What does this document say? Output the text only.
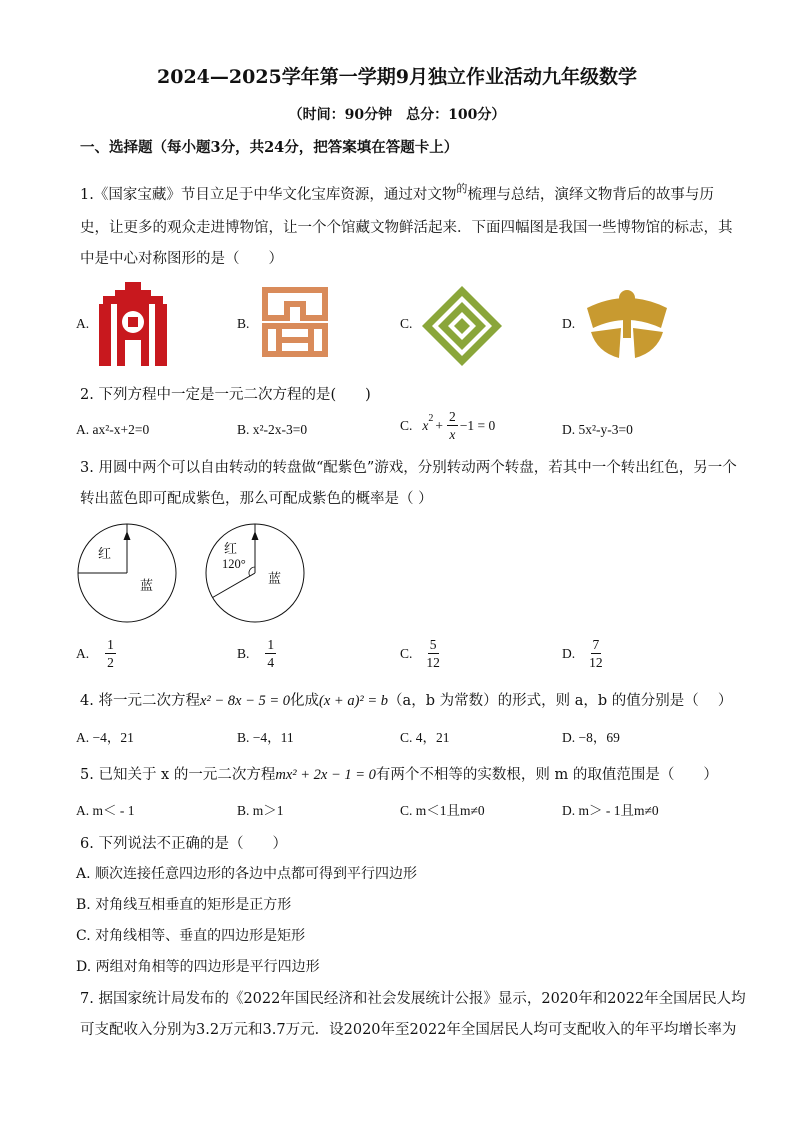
2024—2025学年第一学期9月独立作业活动九年级数学
（时间：90分钟　总分：100分）
一、选择题（每小题3分，共24分，把答案填在答题卡上）
1.《国家宝藏》节目立足于中华文化宝库资源，通过对文物$^的$梳理与总结，演绎文物背后的故事与历
史，让更多的观众走进博物馆，让一个个馆藏文物鲜活起来．下面四幅图是我国一些博物馆的标志，其
中是中心对称图形的是（　　）
A.	B.	C.	D.
2. 下列方程中一定是一元二次方程的是(　　)
A. ax²-x+2=0	B. x²-2x-3=0	C. x $2 + \frac{2}{x} -1 = 0$	D. 5x²-y-3=0
3. 用圆中两个可以自由转动的转盘做“配紫色”游戏，分别转动两个转盘，若其中一个转出红色，另一个
转出蓝色即可配成紫色，那么可配成紫色的概率是（ ）
红
蓝
红
120°
蓝
A. $\frac{1}{2}$	B. $\frac{1}{4}$	C. $\frac{5}{12}$	D. $\frac{7}{12}$
4. 将一元二次方程x² − 8x − 5 = 0化成(x + a)² = b（a，b 为常数）的形式，则 a，b 的值分别是（　 ）
A. −4，21	B. −4，11	C. 4，21	D. −8，69
5. 已知关于 x 的一元二次方程mx² + 2x − 1 = 0有两个不相等的实数根，则 m 的取值范围是（　　）
A. m＜ - 1	B. m＞1	C. m＜1且m≠0	D. m＞ - 1且m≠0
6. 下列说法不正确的是（　　）
A. 顺次连接任意四边形的各边中点都可得到平行四边形
B. 对角线互相垂直的矩形是正方形
C. 对角线相等、垂直的四边形是矩形
D. 两组对角相等的四边形是平行四边形
7. 据国家统计局发布的《2022年国民经济和社会发展统计公报》显示，2020年和2022年全国居民人均
可支配收入分别为3.2万元和3.7万元．设2020年至2022年全国居民人均可支配收入的年平均增长率为
